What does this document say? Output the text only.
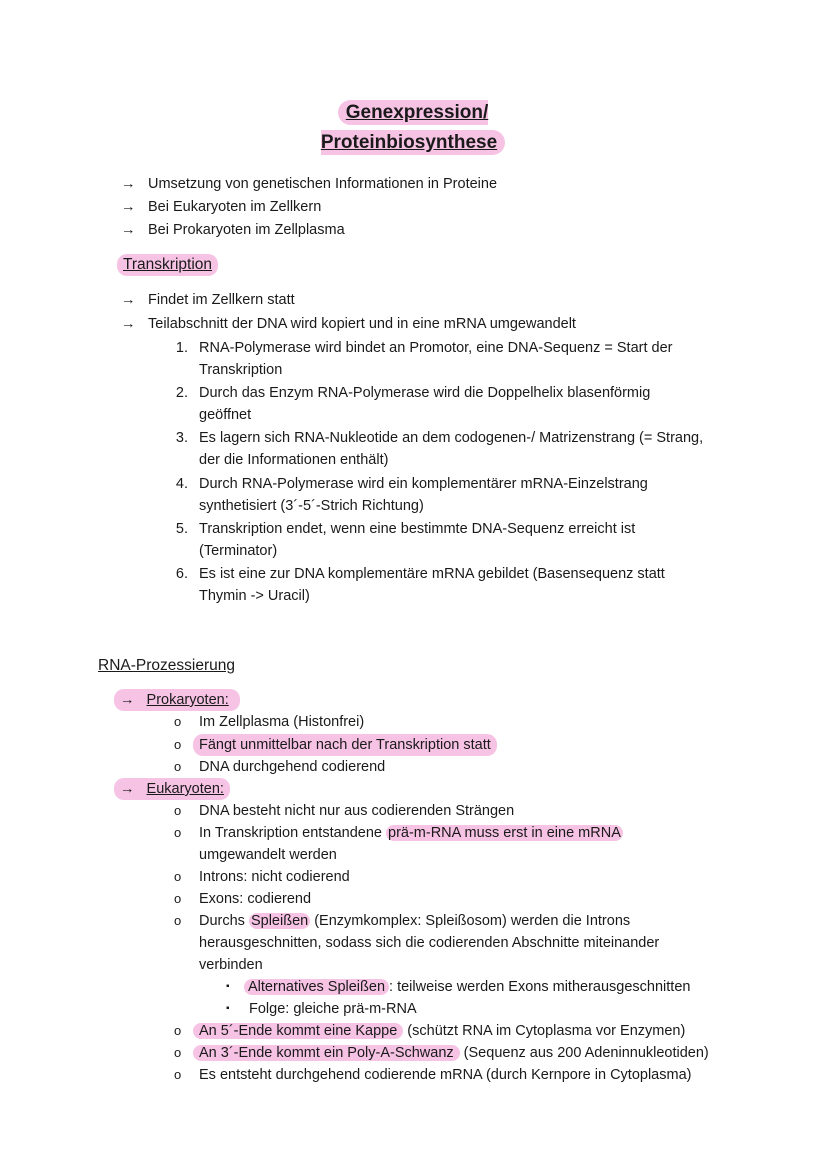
Genexpression/ Proteinbiosynthese
→ Umsetzung von genetischen Informationen in Proteine
→ Bei Eukaryoten im Zellkern
→ Bei Prokaryoten im Zellplasma
Transkription
→ Findet im Zellkern statt
→ Teilabschnitt der DNA wird kopiert und in eine mRNA umgewandelt
1. RNA-Polymerase wird bindet an Promotor, eine DNA-Sequenz = Start der
Transkription
2. Durch das Enzym RNA-Polymerase wird die Doppelhelix blasenförmig
geöffnet
3. Es lagern sich RNA-Nukleotide an dem codogenen-/ Matrizenstrang (= Strang,
der die Informationen enthält)
4. Durch RNA-Polymerase wird ein komplementärer mRNA-Einzelstrang
synthetisiert (3´-5´-Strich Richtung)
5. Transkription endet, wenn eine bestimmte DNA-Sequenz erreicht ist
(Terminator)
6. Es ist eine zur DNA komplementäre mRNA gebildet (Basensequenz statt
Thymin -> Uracil)
RNA-Prozessierung
→ Prokaryoten:
o Im Zellplasma (Histonfrei)
o	Fängt unmittelbar nach der Transkription statt
o DNA durchgehend codierend
→ Eukaryoten:
o DNA besteht nicht nur aus codierenden Strängen
o In Transkription entstandene prä-m-RNA muss erst in eine mRNA
umgewandelt werden
o Introns: nicht codierend
o Exons: codierend
o Durchs Spleißen (Enzymkomplex: Spleißosom) werden die Introns
herausgeschnitten, sodass sich die codierenden Abschnitte miteinander
verbinden
▪ Alternatives Spleißen : teilweise werden Exons mitherausgeschnitten
▪ Folge: gleiche prä-m-RNA
o	An 5´-Ende kommt eine Kappe (schützt RNA im Cytoplasma vor Enzymen)
o	An 3´-Ende kommt ein Poly-A-Schwanz (Sequenz aus 200 Adeninnukleotiden)
o Es entsteht durchgehend codierende mRNA (durch Kernpore in Cytoplasma)
